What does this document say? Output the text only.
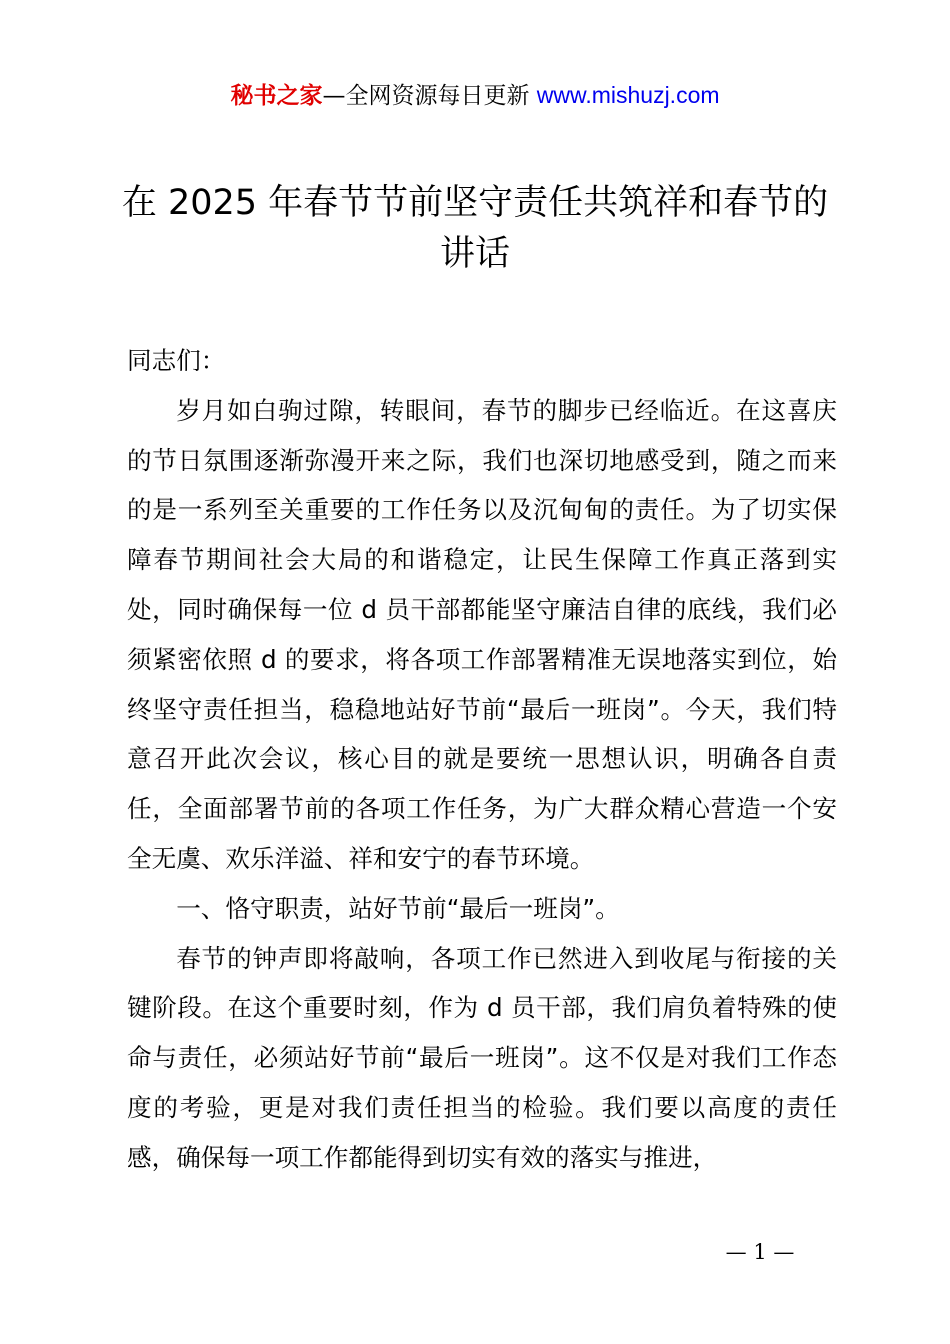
秘书之家—全网资源每日更新 www.mishuzj.com
在 2025 年春节节前坚守责任共筑祥和春节的
讲话

同志们：

岁月如白驹过隙，转眼间，春节的脚步已经临近。在这喜庆的节日氛围逐渐弥漫开来之际，我们也深切地感受到，随之而来的是一系列至关重要的工作任务以及沉甸甸的责任。为了切实保障春节期间社会大局的和谐稳定，让民生保障工作真正落到实处，同时确保每一位 d 员干部都能坚守廉洁自律的底线，我们必须紧密依照 d 的要求，将各项工作部署精准无误地落实到位，始终坚守责任担当，稳稳地站好节前“最后一班岗”。今天，我们特意召开此次会议，核心目的就是要统一思想认识，明确各自责任，全面部署节前的各项工作任务，为广大群众精心营造一个安全无虞、欢乐洋溢、祥和安宁的春节环境。

一、恪守职责，站好节前“最后一班岗”。

春节的钟声即将敲响，各项工作已然进入到收尾与衔接的关键阶段。在这个重要时刻，作为 d 员干部，我们肩负着特殊的使命与责任，必须站好节前“最后一班岗”。这不仅是对我们工作态度的考验，更是对我们责任担当的检验。我们要以高度的责任感，确保每一项工作都能得到切实有效的落实与推进，

— 1 —
